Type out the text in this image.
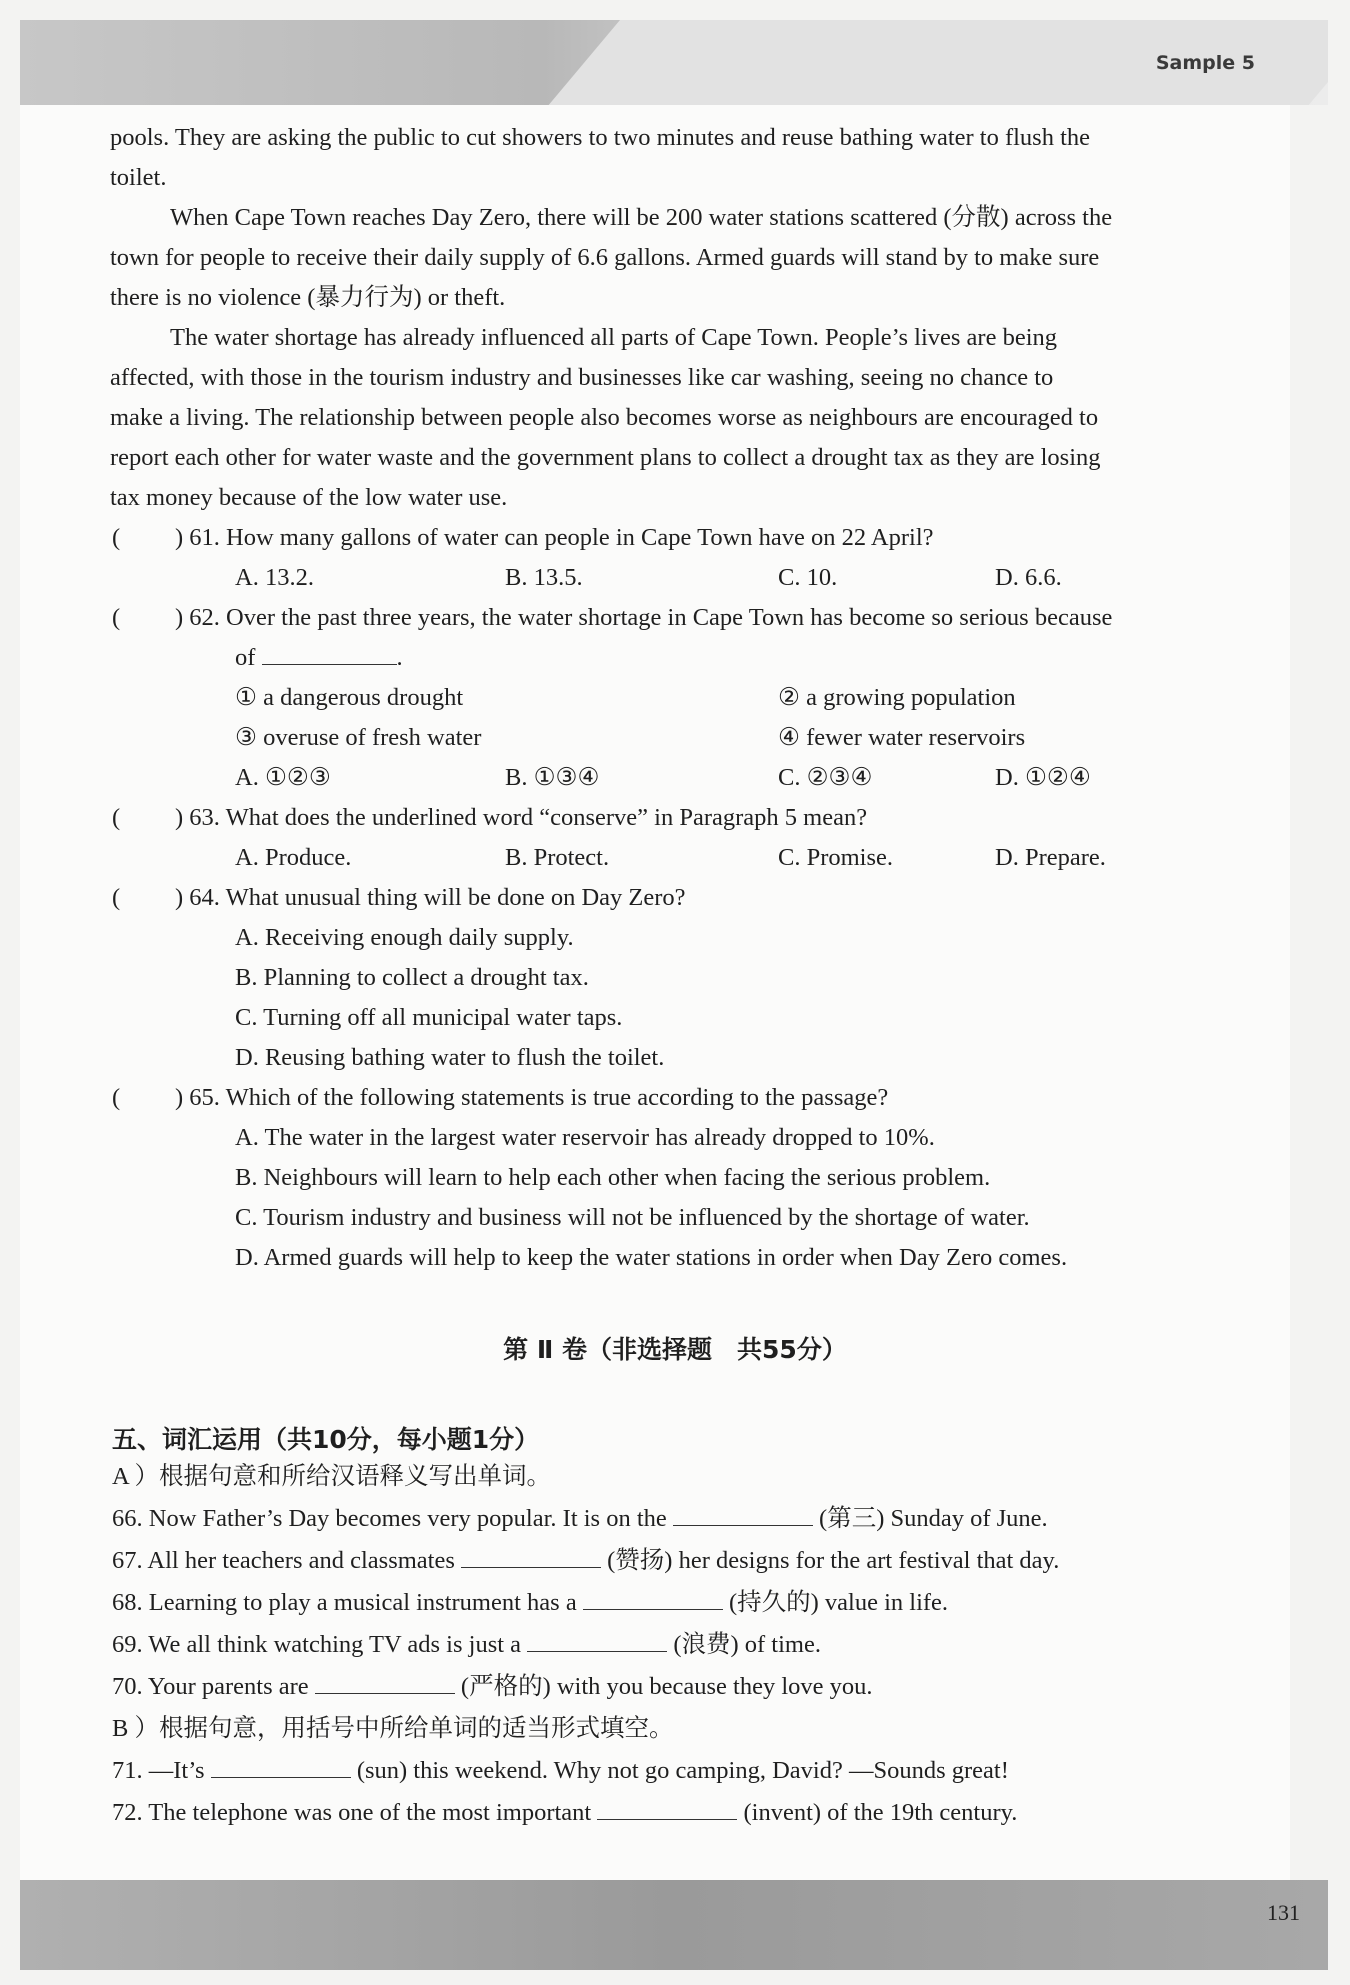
Sample 5
pools. They are asking the public to cut showers to two minutes and reuse bathing water to flush the
toilet.
When Cape Town reaches Day Zero, there will be 200 water stations scattered (分散) across the
town for people to receive their daily supply of 6.6 gallons. Armed guards will stand by to make sure
there is no violence (暴力行为) or theft.
The water shortage has already influenced all parts of Cape Town. People’s lives are being
affected, with those in the tourism industry and businesses like car washing, seeing no chance to
make a living. The relationship between people also becomes worse as neighbours are encouraged to
report each other for water waste and the government plans to collect a drought tax as they are losing
tax money because of the low water use.
( ) 61. How many gallons of water can people in Cape Town have on 22 April?
A. 13.2.	B. 13.5.	C. 10.	D. 6.6.
( ) 62. Over the past three years, the water shortage in Cape Town has become so serious because
of	.
① a dangerous drought	② a growing population
③ overuse of fresh water	④ fewer water reservoirs
A. ①②③	B. ①③④	C. ②③④	D. ①②④
( ) 63. What does the underlined word “conserve” in Paragraph 5 mean?
A. Produce.	B. Protect.	C. Promise.	D. Prepare.
( ) 64. What unusual thing will be done on Day Zero?
A. Receiving enough daily supply.
B. Planning to collect a drought tax.
C. Turning off all municipal water taps.
D. Reusing bathing water to flush the toilet.
( ) 65. Which of the following statements is true according to the passage?
A. The water in the largest water reservoir has already dropped to 10%.
B. Neighbours will learn to help each other when facing the serious problem.
C. Tourism industry and business will not be influenced by the shortage of water.
D. Armed guards will help to keep the water stations in order when Day Zero comes.
第 Ⅱ 卷（非选择题　共55分）
五、词汇运用（共10分，每小题1分）
A ）根据句意和所给汉语释义写出单词。
66. Now Father’s Day becomes very popular. It is on the	(第三) Sunday of June.
67. All her teachers and classmates	(赞扬) her designs for the art festival that day.
68. Learning to play a musical instrument has a	(持久的) value in life.
69. We all think watching TV ads is just a	(浪费) of time.
70. Your parents are	(严格的) with you because they love you.
B ）根据句意，用括号中所给单词的适当形式填空。
71. —It’s	(sun) this weekend. Why not go camping, David? —Sounds great!
72. The telephone was one of the most important	(invent) of the 19th century.
131
